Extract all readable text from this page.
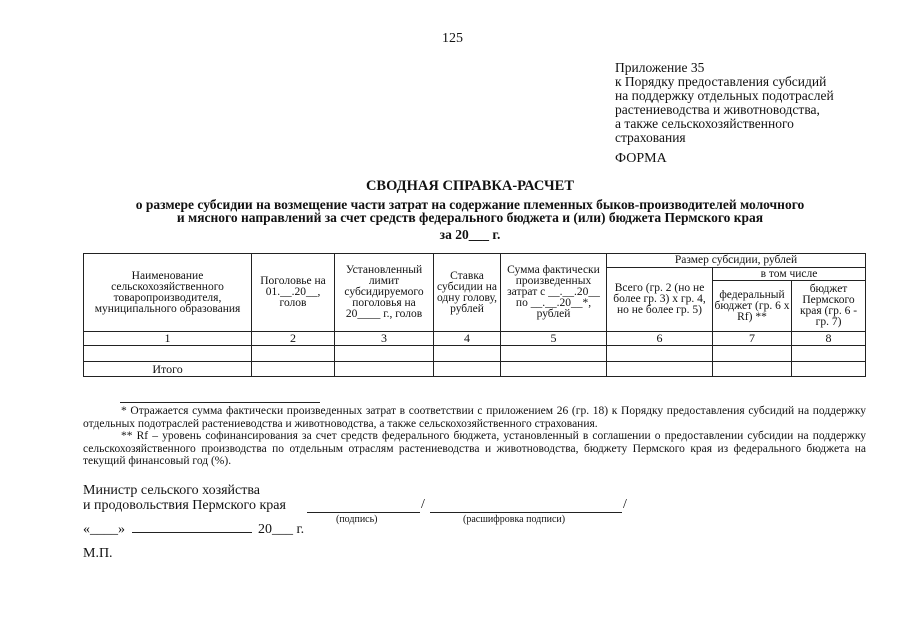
125
Приложение 35
к Порядку предоставления субсидий
на поддержку отдельных подотраслей
растениеводства и животноводства,
а также сельскохозяйственного
страхования
ФОРМА
СВОДНАЯ СПРАВКА-РАСЧЕТ
о размере субсидии на возмещение части затрат на содержание племенных быков-производителей молочного
и мясного направлений за счет средств федерального бюджета и (или) бюджета Пермского края
за 20___ г.
Наименование сельскохозяйственного товаропроизводителя, муниципального образования	Поголовье на 01.__.20__, голов	Установленный лимит субсидируемого поголовья на 20____ г., голов	Ставка субсидии на одну голову, рублей	Сумма фактически произведенных затрат с __.__.20__ по __.__.20__*, рублей	Размер субсидии, рублей		
					Всего (гр. 2 (но не более гр. 3) х гр. 4, но не более гр. 5)	в том числе	
						федеральный бюджет (гр. 6 х Rf) **	бюджет Пермского края (гр. 6 - гр. 7)
1	2	3	4	5	6	7	8

Итого							

* Отражается сумма фактически произведенных затрат в соответствии с приложением 26 (гр. 18) к Порядку предоставления субсидий на поддержку отдельных подотраслей растениеводства и животноводства, а также сельскохозяйственного страхования.

** Rf – уровень софинансирования за счет средств федерального бюджета, установленный в соглашении о предоставлении субсидии на поддержку сельскохозяйственного производства по отдельным отраслям растениеводства и животноводства, бюджету Пермского края из федерального бюджета на текущий финансовый год (%).

Министр сельского хозяйства
и продовольствия Пермского края	/	/
(подпись)	(расшифровка подписи)
«____»	20___ г.
М.П.
